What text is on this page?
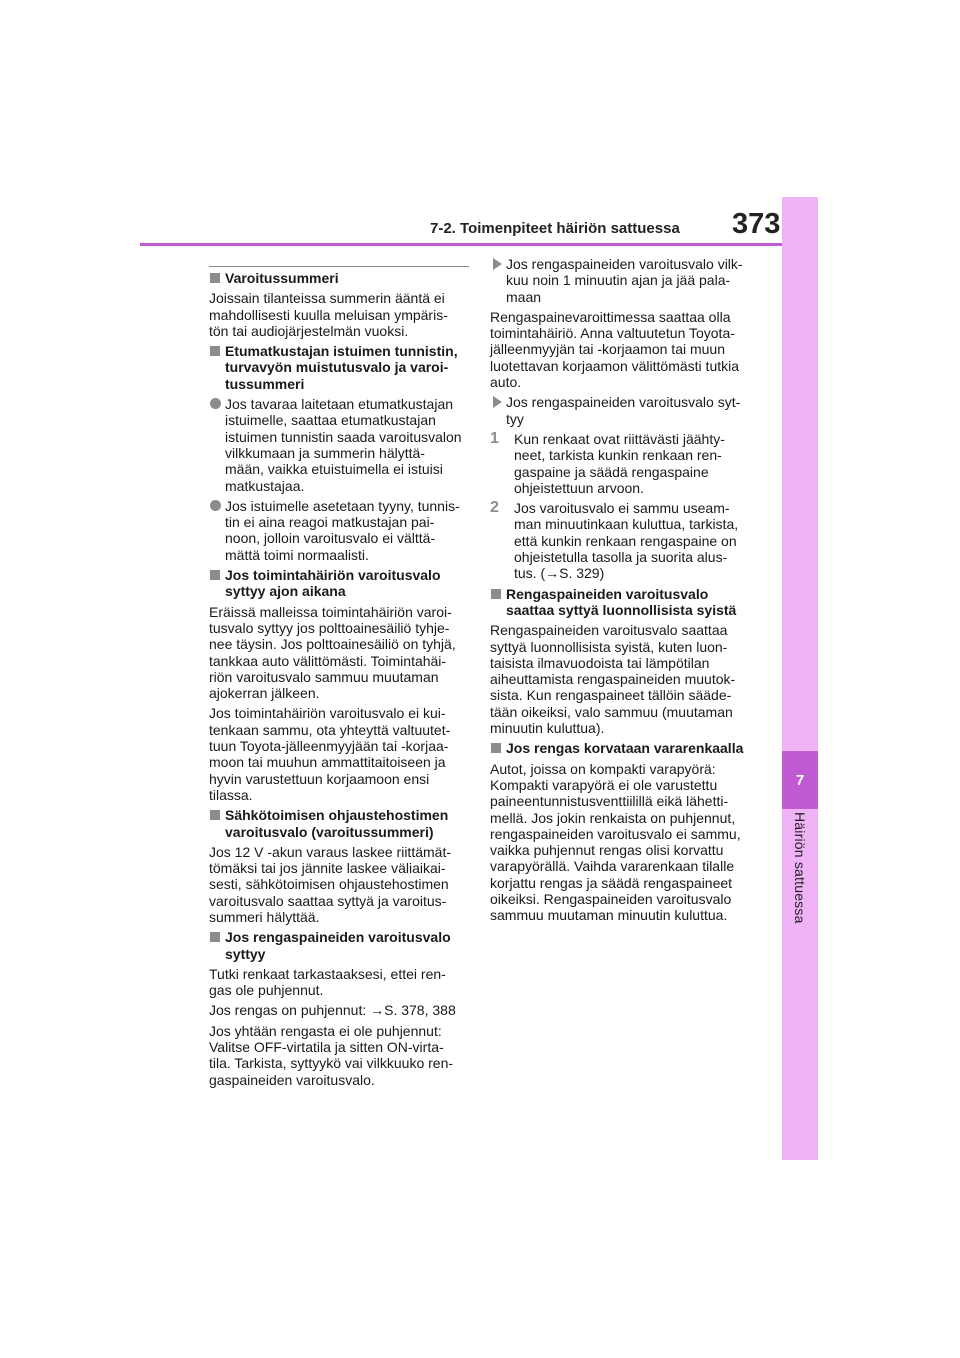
7-2. Toimenpiteet häiriön sattuessa	373
7
Häiriön sattuessa
Varoitussummeri
Joissain tilanteissa summerin ääntä ei
mahdollisesti kuulla meluisan ympäris-
tön tai audiojärjestelmän vuoksi.
Etumatkustajan istuimen tunnistin,
turvavyön muistutusvalo ja varoi-
tussummeri
Jos tavaraa laitetaan etumatkustajan
istuimelle, saattaa etumatkustajan
istuimen tunnistin saada varoitusvalon
vilkkumaan ja summerin hälyttä-
mään, vaikka etuistuimella ei istuisi
matkustajaa.
Jos istuimelle asetetaan tyyny, tunnis-
tin ei aina reagoi matkustajan pai-
noon, jolloin varoitusvalo ei välttä-
mättä toimi normaalisti.
Jos toimintahäiriön varoitusvalo
syttyy ajon aikana
Eräissä malleissa toimintahäiriön varoi-
tusvalo syttyy jos polttoainesäiliö tyhje-
nee täysin. Jos polttoainesäiliö on tyhjä,
tankkaa auto välittömästi. Toimintahäi-
riön varoitusvalo sammuu muutaman
ajokerran jälkeen.
Jos toimintahäiriön varoitusvalo ei kui-
tenkaan sammu, ota yhteyttä valtuutet-
tuun Toyota-jälleenmyyjään tai -korjaa-
moon tai muuhun ammattitaitoiseen ja
hyvin varustettuun korjaamoon ensi
tilassa.
Sähkötoimisen ohjaustehostimen
varoitusvalo (varoitussummeri)
Jos 12 V -akun varaus laskee riittämät-
tömäksi tai jos jännite laskee väliaikai-
sesti, sähkötoimisen ohjaustehostimen
varoitusvalo saattaa syttyä ja varoitus-
summeri hälyttää.
Jos rengaspaineiden varoitusvalo
syttyy
Tutki renkaat tarkastaaksesi, ettei ren-
gas ole puhjennut.
Jos rengas on puhjennut: →S. 378, 388
Jos yhtään rengasta ei ole puhjennut:
Valitse OFF-virtatila ja sitten ON-virta-
tila. Tarkista, syttyykö vai vilkkuuko ren-
gaspaineiden varoitusvalo.
Jos rengaspaineiden varoitusvalo vilk-
kuu noin 1 minuutin ajan ja jää pala-
maan
Rengaspainevaroittimessa saattaa olla
toimintahäiriö. Anna valtuutetun Toyota-
jälleenmyyjän tai -korjaamon tai muun
luotettavan korjaamon välittömästi tutkia
auto.
Jos rengaspaineiden varoitusvalo syt-
tyy
1	Kun renkaat ovat riittävästi jäähty-
neet, tarkista kunkin renkaan ren-
gaspaine ja säädä rengaspaine
ohjeistettuun arvoon.
2	Jos varoitusvalo ei sammu useam-
man minuutinkaan kuluttua, tarkista,
että kunkin renkaan rengaspaine on
ohjeistetulla tasolla ja suorita alus-
tus. (→S. 329)
Rengaspaineiden varoitusvalo
saattaa syttyä luonnollisista syistä
Rengaspaineiden varoitusvalo saattaa
syttyä luonnollisista syistä, kuten luon-
taisista ilmavuodoista tai lämpötilan
aiheuttamista rengaspaineiden muutok-
sista. Kun rengaspaineet tällöin sääde-
tään oikeiksi, valo sammuu (muutaman
minuutin kuluttua).
Jos rengas korvataan vararenkaalla
Autot, joissa on kompakti varapyörä:
Kompakti varapyörä ei ole varustettu
paineentunnistusventtiilillä eikä lähetti-
mellä. Jos jokin renkaista on puhjennut,
rengaspaineiden varoitusvalo ei sammu,
vaikka puhjennut rengas olisi korvattu
varapyörällä. Vaihda vararenkaan tilalle
korjattu rengas ja säädä rengaspaineet
oikeiksi. Rengaspaineiden varoitusvalo
sammuu muutaman minuutin kuluttua.
